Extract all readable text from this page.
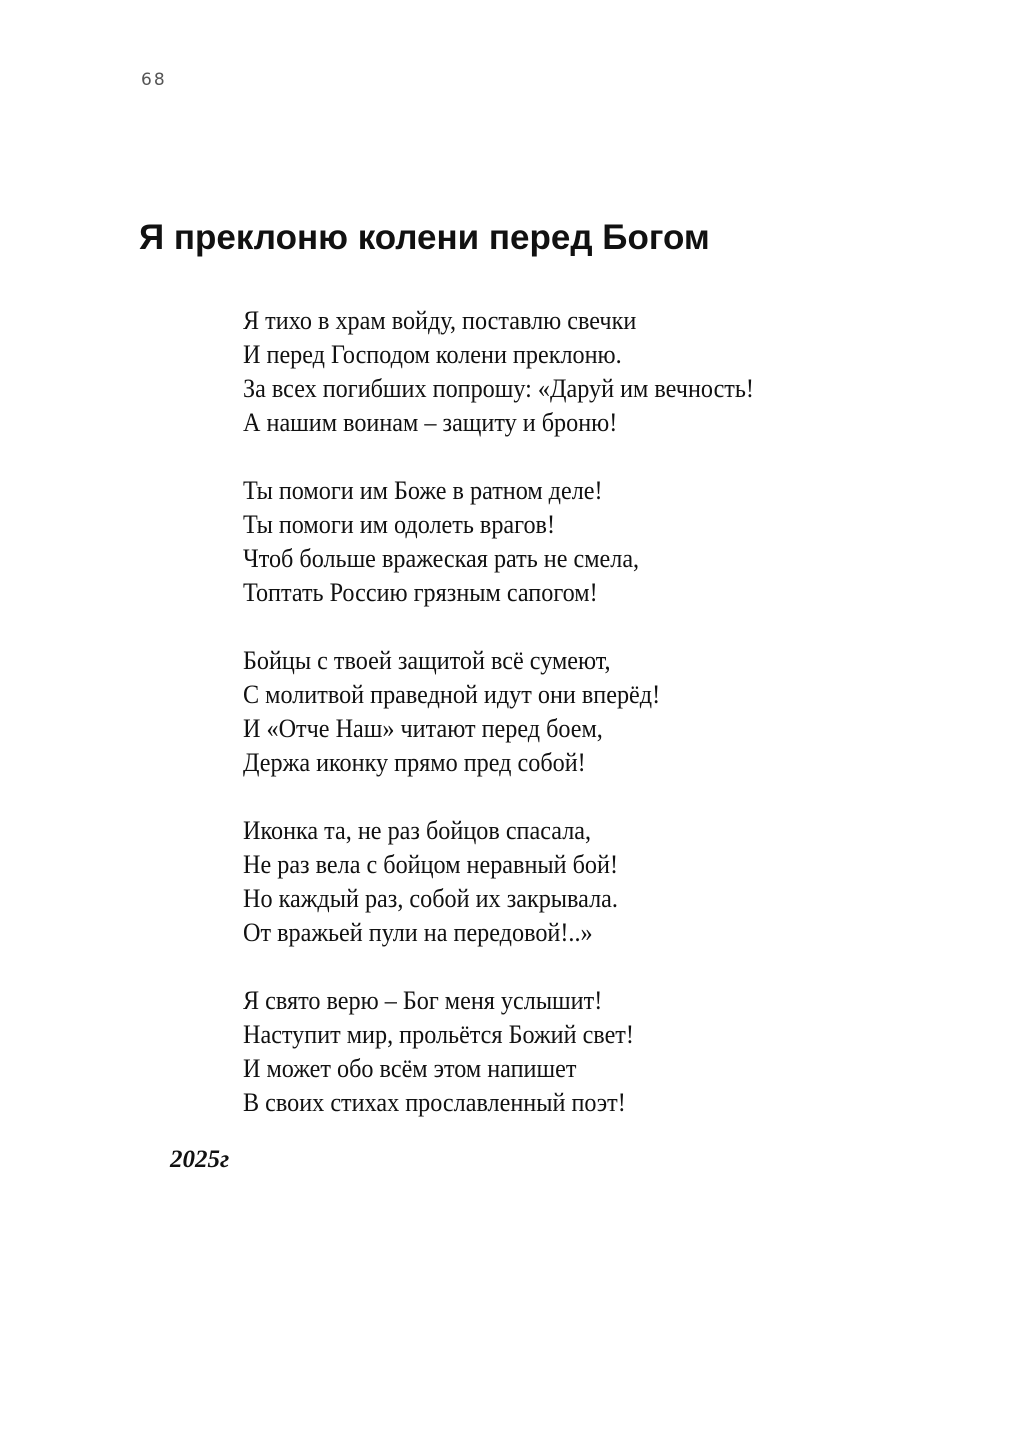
68
Я преклоню колени перед Богом
Я тихо в храм войду, поставлю свечки
И перед Господом колени преклоню.
За всех погибших попрошу: «Даруй им вечность!
А нашим воинам – защиту и броню!
Ты помоги им Боже в ратном деле!
Ты помоги им одолеть врагов!
Чтоб больше вражеская рать не смела,
Топтать Россию грязным сапогом!
Бойцы с твоей защитой всё сумеют,
С молитвой праведной идут они вперёд!
И «Отче Наш» читают перед боем,
Держа иконку прямо пред собой!
Иконка та, не раз бойцов спасала,
Не раз вела с бойцом неравный бой!
Но каждый раз, собой их закрывала.
От вражьей пули на передовой!..»
Я свято верю – Бог меня услышит!
Наступит мир, прольётся Божий свет!
И может обо всём этом напишет
В своих стихах прославленный поэт!
2025г
